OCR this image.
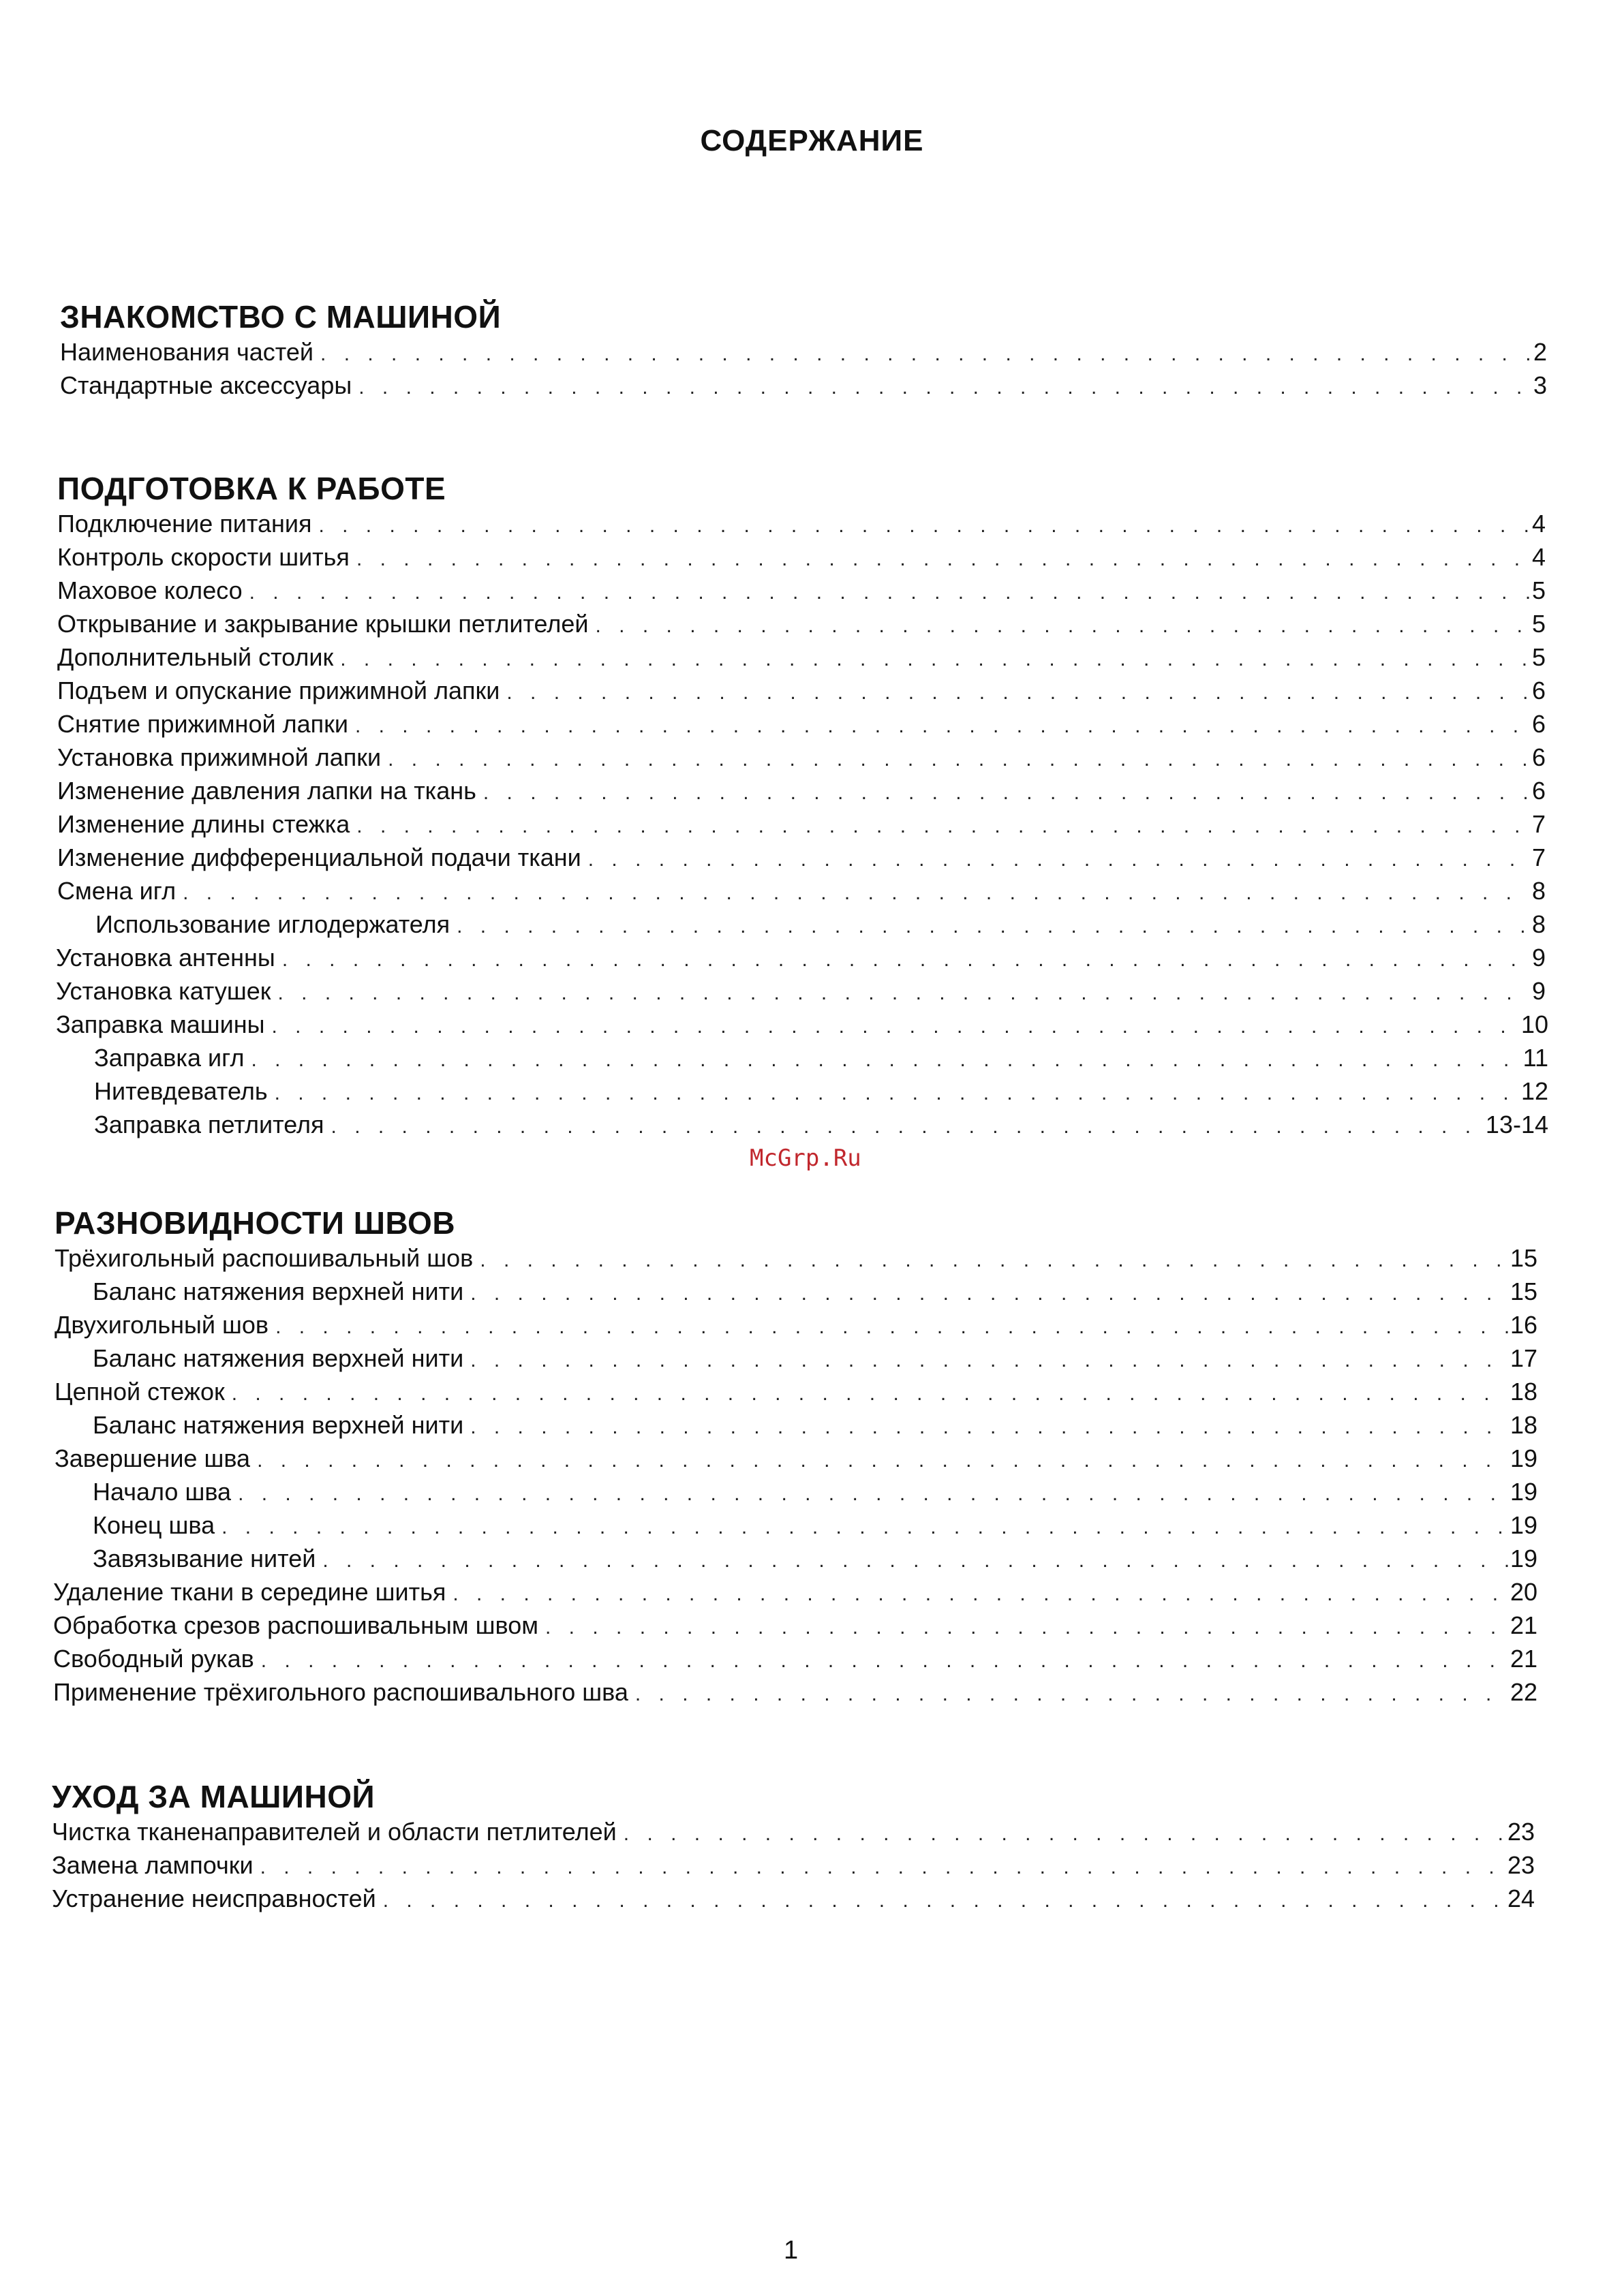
СОДЕРЖАНИЕ
ЗНАКОМСТВО С МАШИНОЙ
Наименования частей . . .	2
Стандартные аксессуары . . .	3
ПОДГОТОВКА К РАБОТЕ
Подключение питания . . .	4
Контроль скорости шитья . . .	4
Маховое колесо . . .	5
Открывание и закрывание крышки петлителей . . .	5
Дополнительный столик . . .	5
Подъем и опускание прижимной лапки . . .	6
Снятие прижимной лапки . . .	6
Установка прижимной лапки . . .	6
Изменение давления лапки на ткань . . .	6
Изменение длины стежка . . .	7
Изменение дифференциальной подачи ткани . . .	7
Смена игл . . .	8
Использование иглодержателя . . .	8
Установка антенны . . .	9
Установка катушек . . .	9
Заправка машины . . .	10
Заправка игл . . .	11
Нитевдеватель . . .	12
Заправка петлителя . . .	13-14
McGrp.Ru
РАЗНОВИДНОСТИ ШВОВ
Трёхигольный распошивальный шов . . .	15
Баланс натяжения верхней нити . . .	15
Двухигольный шов . . .	16
Баланс натяжения верхней нити . . .	17
Цепной стежок . . .	18
Баланс натяжения верхней нити . . .	18
Завершение шва . . .	19
Начало шва . . .	19
Конец шва . . .	19
Завязывание нитей . . .	19
Удаление ткани в середине шитья . . .	20
Обработка срезов распошивальным швом . . .	21
Свободный рукав . . .	21
Применение трёхигольного распошивального шва . . .	22
УХОД ЗА МАШИНОЙ
Чистка тканенаправителей и области петлителей . . .	23
Замена лампочки . . .	23
Устранение неисправностей . . .	24
1
